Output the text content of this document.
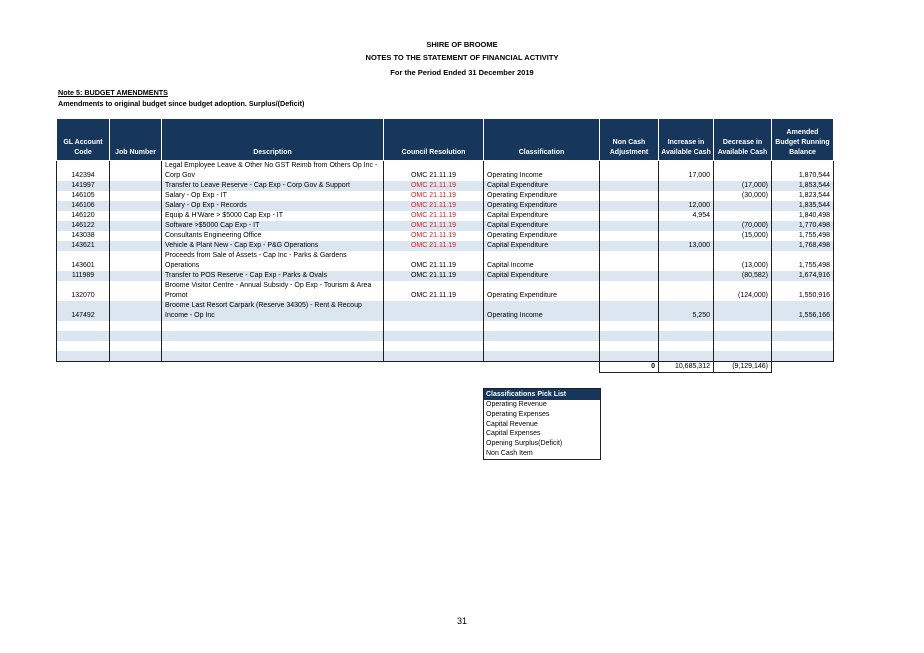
SHIRE OF BROOME
NOTES TO THE STATEMENT OF FINANCIAL ACTIVITY
For the Period Ended 31 December 2019
Note 5: BUDGET AMENDMENTS
Amendments to original budget since budget adoption. Surplus/(Deficit)
GL Account Code	Job Number	Description	Council Resolution	Classification	Non Cash Adjustment	Increase in Available Cash	Decrease in Available Cash	Amended Budget Running Balance
142394		Legal Employee Leave & Other No GST Reimb from Others Op Inc - Corp Gov	OMC 21.11.19	Operating Income		17,000		1,870,544
141997		Transfer to Leave Reserve - Cap Exp - Corp Gov & Support	OMC 21.11.19	Capital Expenditure			(17,000)	1,853,544
146105		Salary - Op Exp - IT	OMC 21.11.19	Operating Expenditure			(30,000)	1,823,544
146106		Salary - Op Exp - Records	OMC 21.11.19	Operating Expenditure		12,000		1,835,544
146120		Equip & H'Ware > $5000 Cap Exp - IT	OMC 21.11.19	Capital Expenditure		4,954		1,840,498
146122		Software >$5000 Cap Exp - IT	OMC 21.11.19	Capital Expenditure			(70,000)	1,770,498
143038		Consultants Engineering Office	OMC 21.11.19	Operating Expenditure			(15,000)	1,755,498
143621		Vehicle & Plant New - Cap Exp - P&G Operations	OMC 21.11.19	Capital Expenditure		13,000		1,768,498
143601		Proceeds from Sale of Assets - Cap Inc - Parks & Gardens Operations	OMC 21.11.19	Capital Income			(13,000)	1,755,498
111989		Transfer to POS Reserve - Cap Exp - Parks & Ovals	OMC 21.11.19	Capital Expenditure			(80,582)	1,674,916
132070		Broome Visitor Centre - Annual Subsidy - Op Exp - Tourism & Area Promot	OMC 21.11.19	Operating Expenditure			(124,000)	1,550,916
147492		Broome Last Resort Carpark (Reserve 34305) - Rent & Recoup Income - Op Inc		Operating Income		5,250		1,556,166

					0	10,685,312	(9,129,146)	
Classifications Pick List
Operating Revenue
Operating Expenses
Capital Revenue
Capital Expenses
Opening Surplus(Deficit)
Non Cash Item
31
